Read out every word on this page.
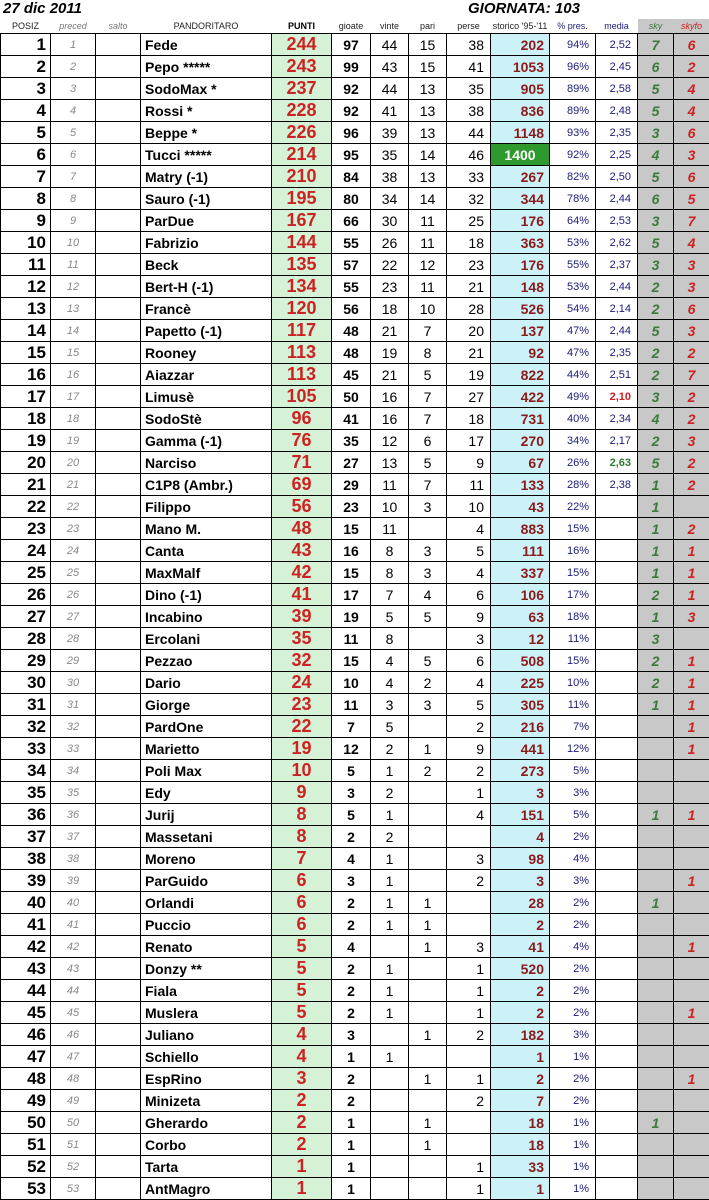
27 dic 2011	GIORNATA: 103
POSIZ	preced	salto	PANDORITARO	PUNTI	gioate	vinte	pari	perse	storico '95-'11	% pres.	media	sky	skyfo
1	1		Fede	244	97	44	15	38	202	94%	2,52	7	6
2	2		Pepo *****	243	99	43	15	41	1053	96%	2,45	6	2
3	3		SodoMax *	237	92	44	13	35	905	89%	2,58	5	4
4	4		Rossi *	228	92	41	13	38	836	89%	2,48	5	4
5	5		Beppe *	226	96	39	13	44	1148	93%	2,35	3	6
6	6		Tucci *****	214	95	35	14	46	1400	92%	2,25	4	3
7	7		Matry (-1)	210	84	38	13	33	267	82%	2,50	5	6
8	8		Sauro (-1)	195	80	34	14	32	344	78%	2,44	6	5
9	9		ParDue	167	66	30	11	25	176	64%	2,53	3	7
10	10		Fabrizio	144	55	26	11	18	363	53%	2,62	5	4
11	11		Beck	135	57	22	12	23	176	55%	2,37	3	3
12	12		Bert-H (-1)	134	55	23	11	21	148	53%	2,44	2	3
13	13		Francè	120	56	18	10	28	526	54%	2,14	2	6
14	14		Papetto (-1)	117	48	21	7	20	137	47%	2,44	5	3
15	15		Rooney	113	48	19	8	21	92	47%	2,35	2	2
16	16		Aiazzar	113	45	21	5	19	822	44%	2,51	2	7
17	17		Limusè	105	50	16	7	27	422	49%	2,10	3	2
18	18		SodoStè	96	41	16	7	18	731	40%	2,34	4	2
19	19		Gamma (-1)	76	35	12	6	17	270	34%	2,17	2	3
20	20		Narciso	71	27	13	5	9	67	26%	2,63	5	2
21	21		C1P8 (Ambr.)	69	29	11	7	11	133	28%	2,38	1	2
22	22		Filippo	56	23	10	3	10	43	22%		1	
23	23		Mano M.	48	15	11		4	883	15%		1	2
24	24		Canta	43	16	8	3	5	111	16%		1	1
25	25		MaxMalf	42	15	8	3	4	337	15%		1	1
26	26		Dino (-1)	41	17	7	4	6	106	17%		2	1
27	27		Incabino	39	19	5	5	9	63	18%		1	3
28	28		Ercolani	35	11	8		3	12	11%		3	
29	29		Pezzao	32	15	4	5	6	508	15%		2	1
30	30		Dario	24	10	4	2	4	225	10%		2	1
31	31		Giorge	23	11	3	3	5	305	11%		1	1
32	32		PardOne	22	7	5		2	216	7%			1
33	33		Marietto	19	12	2	1	9	441	12%			1
34	34		Poli Max	10	5	1	2	2	273	5%			
35	35		Edy	9	3	2		1	3	3%			
36	36		Jurij	8	5	1		4	151	5%		1	1
37	37		Massetani	8	2	2			4	2%			
38	38		Moreno	7	4	1		3	98	4%			
39	39		ParGuido	6	3	1		2	3	3%			1
40	40		Orlandi	6	2	1	1		28	2%		1	
41	41		Puccio	6	2	1	1		2	2%			
42	42		Renato	5	4		1	3	41	4%			1
43	43		Donzy **	5	2	1		1	520	2%			
44	44		Fiala	5	2	1		1	2	2%			
45	45		Muslera	5	2	1		1	2	2%			1
46	46		Juliano	4	3		1	2	182	3%			
47	47		Schiello	4	1	1			1	1%			
48	48		EspRino	3	2		1	1	2	2%			1
49	49		Minizeta	2	2			2	7	2%			
50	50		Gherardo	2	1		1		18	1%		1	
51	51		Corbo	2	1		1		18	1%			
52	52		Tarta	1	1			1	33	1%			
53	53		AntMagro	1	1			1	1	1%			
